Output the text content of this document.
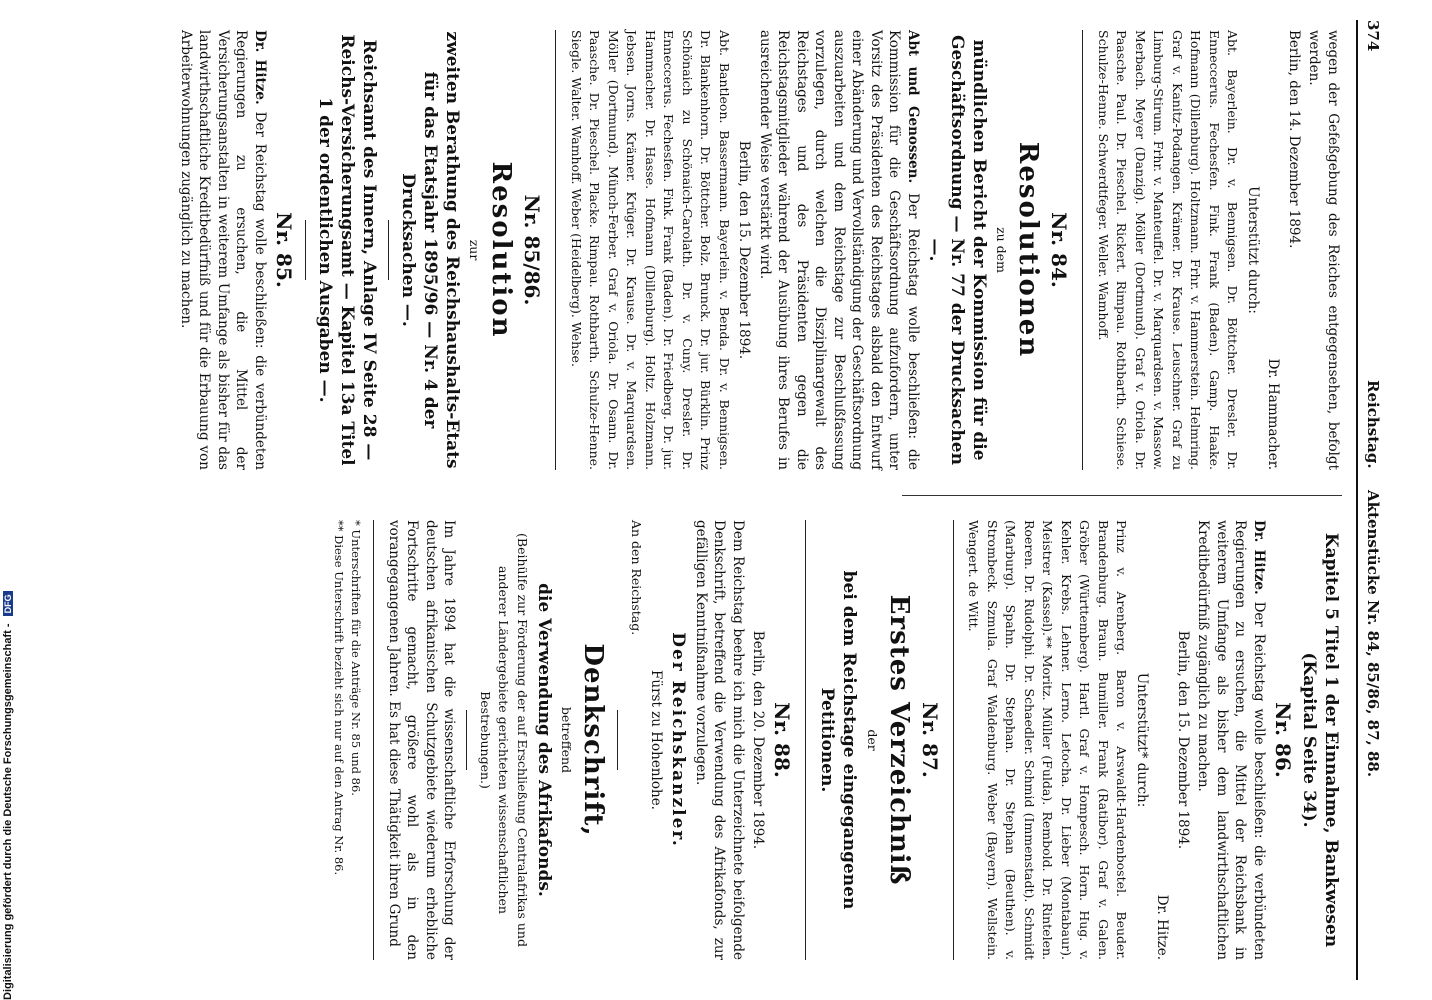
Digitalisierung gefördert durch die Deutsche Forschungsgemeinschaft - DFG
374
Reichstag.
Aktenstücke Nr. 84, 85/86, 87, 88.

wegen der Gefeßgebung des Reiches entgegensehen, befolgt werden.

Berlin, den 14. Dezember 1894.

Dr. Hammacher.

Unterstützt durch:

Abt. Bayerlein. Dr. v. Bennigsen. Dr. Böttcher. Dresler. Dr. Enneccerus. Fechesfen. Fink. Frank (Baden). Gamp. Haake. Hofmann (Dillenburg). Holtzmann. Frhr. v. Hammerstein. Helmring. Graf v. Kanitz-Podangen. Krämer. Dr. Krause. Leuschner. Graf zu Limburg-Stirum. Frhr. v. Manteuffel. Dr. v. Marquardsen. v. Massow. Merbach. Meyer (Danzig). Möller (Dortmund). Graf v. Oriola. Dr. Paasche. Paul. Dr. Pieschel. Rickert. Rimpau. Rothbarth. Schiese. Schulze-Henne. Schwerdtfeger. Weller. Wamhoff.

Nr. 84.

Resolutionen

zu dem

mündlichen Bericht der Kommission für die Geschäftsordnung — Nr. 77 der Drucksachen —.

Abt und Genossen. Der Reichstag wolle beschließen: die Kommission für die Geschäftsordnung aufzufordern, unter Vorsitz des Präsidenten des Reichstages alsbald den Entwurf einer Abänderung und Vervollständigung der Geschäftsordnung auszuarbeiten und dem Reichstage zur Beschlußfassung vorzulegen, durch welchen die Disziplinargewalt des Reichstages und des Präsidenten gegen die Reichstagsmitglieder während der Ausübung ihres Berufes in ausreichender Weise verstärkt wird.

Berlin, den 15. Dezember 1894.

Abt. Bantleon. Bassermann. Bayerlein. v. Benda. Dr. v. Bennigsen. Dr. Blankenhorn. Dr. Böttcher. Bolz. Brunck. Dr. jur. Bürklin. Prinz Schönaich zu Schönaich-Carolath. Dr. v. Cuny. Dresler. Dr. Enneccerus. Fechesfen. Fink. Frank (Baden). Dr. Friedberg. Dr. jur. Hammacher. Dr. Hasse. Hofmann (Dillenburg). Holtz. Holzmann. Jebsen. Jorns. Krämer. Krüger. Dr. Krause. Dr. v. Marquardsen. Möller (Dortmund). Münch-Ferber. Graf v. Oriola. Dr. Osann. Dr. Paasche. Dr. Pieschel. Placke. Rimpau. Rothbarth. Schulze-Henne. Siegle. Walter. Wamhoff. Weber (Heidelberg). Wehse.

Nr. 85/86.

Resolution

zur

zweiten Berathung des Reichshaushalts-Etats für das Etatsjahr 1895/96 — Nr. 4 der Drucksachen —.

Reichsamt des Innern, Anlage IV Seite 28 — Reichs-Versicherungsamt — Kapitel 13a Titel 1 der ordentlichen Ausgaben —.

Nr. 85.

Dr. Hitze. Der Reichstag wolle beschließen: die verbündeten Regierungen zu ersuchen, die Mittel der Versicherungsanstalten in weiterem Umfange als bisher für das landwirthschaftliche Kreditbedürfniß und für die Erbauung von Arbeiterwohnungen zugänglich zu machen.

Kapitel 5 Titel 1 der Einnahme, Bankwesen (Kapital Seite 34).

Nr. 86.

Dr. Hitze. Der Reichstag wolle beschließen: die verbündeten Regierungen zu ersuchen, die Mittel der Reichsbank in weiterem Umfange als bisher dem landwirthschaftlichen Kreditbedürfniß zugänglich zu machen.

Berlin, den 15. Dezember 1894.

Dr. Hitze.

Unterstützt* durch:

Prinz v. Arenberg. Baron v. Arswaldt-Hardenbostel. Beuder. Brandenburg. Braun. Bumiller. Frank (Ratibor). Graf v. Galen. Gröber (Württemberg). Hartl. Graf v. Hompesch. Horn. Hug. v. Kehler. Krebs. Lehner. Lerno. Letocha. Dr. Lieber (Montabaur). Meistrer (Kassel).** Moritz. Müller (Fulda). Rembold. Dr. Rintelen. Roeren. Dr. Rudolphi. Dr. Schaedler. Schmid (Immenstadt). Schmidt (Marburg). Spahn. Dr. Stephan. Dr. Stephan (Beuthen). v. Strombeck. Szmula. Graf Waldenburg. Weber (Bayern). Wellstein. Wengert. de Witt.

Nr. 87.

Erstes Verzeichniß

der

bei dem Reichstage eingegangenen Petitionen.

Nr. 88.

Berlin, den 20. Dezember 1894.

Dem Reichstag beehre ich mich die Unterzeichnete beifolgende Denkschrift, betreffend die Verwendung des Afrikafonds, zur gefälligen Kenntnißnahme vorzulegen.

Der Reichskanzler.

Fürst zu Hohenlohe.

An den Reichstag.

Denkschrift,

betreffend

die Verwendung des Afrikafonds.

(Beihülfe zur Förderung der auf Erschließung Centralafrikas und anderer Ländergebiete gerichteten wissenschaftlichen Bestrebungen.)

Im Jahre 1894 hat die wissenschaftliche Erforschung der deutschen afrikanischen Schutzgebiete wiederum erhebliche Fortschritte gemacht, größere wohl als in den vorangegangenen Jahren. Es hat diese Thätigkeit ihren Grund

* Unterschriften für die Anträge Nr. 85 und 86.

** Diese Unterschrift bezieht sich nur auf den Antrag Nr. 86.
